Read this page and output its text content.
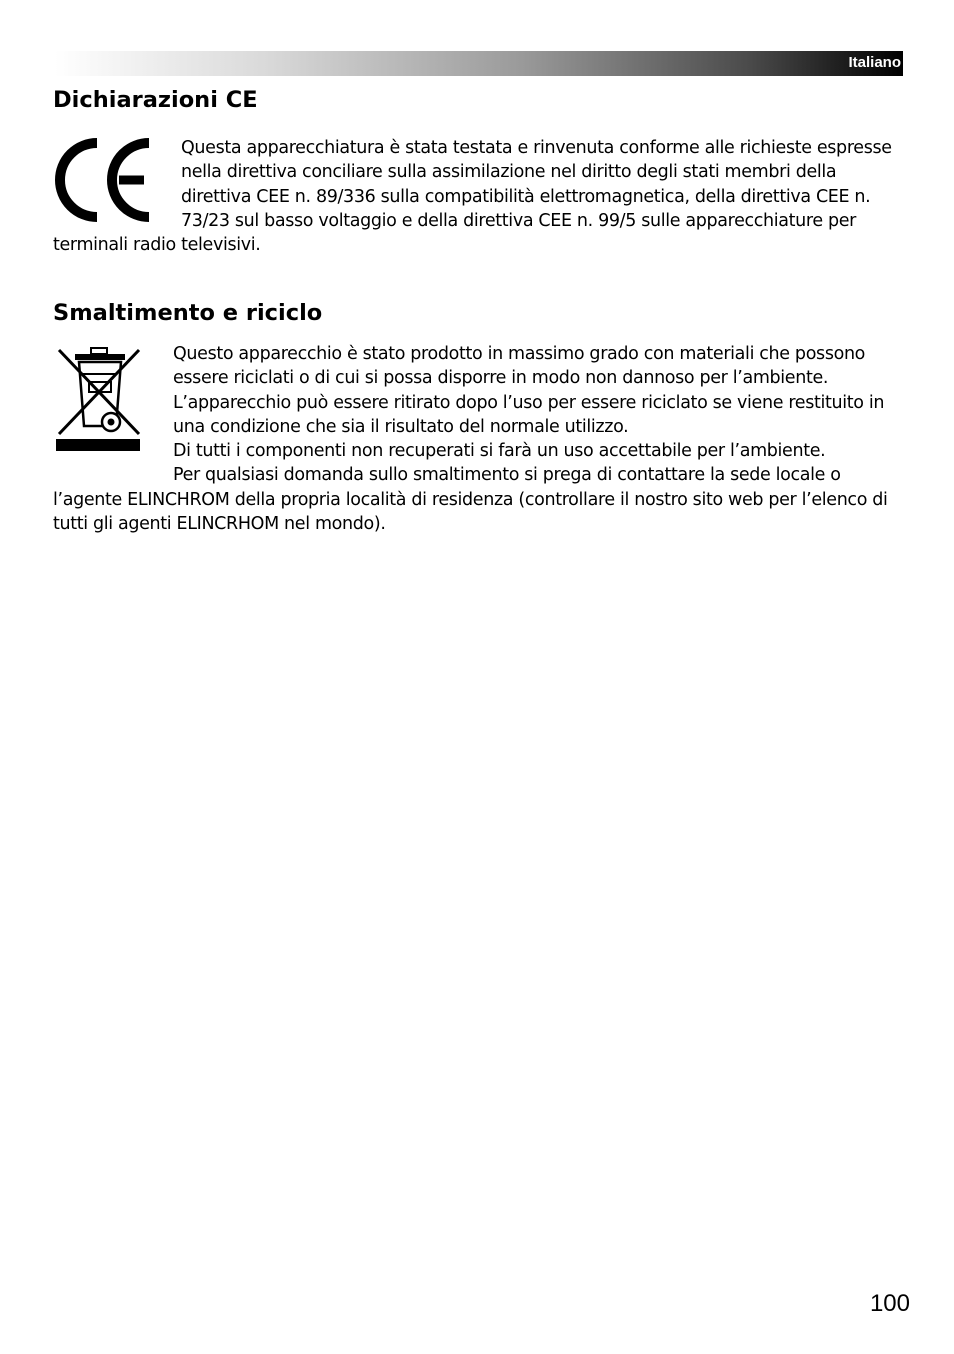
Italiano
Dichiarazioni CE

Questa apparecchiatura è stata testata e rinvenuta conforme alle richieste espresse nella direttiva conciliare sulla assimilazione nel diritto degli stati membri della direttiva CEE n. 89/336 sulla compatibilità elettromagnetica, della direttiva CEE n. 73/23 sul basso voltaggio e della direttiva CEE n. 99/5 sulle apparecchiature per terminali radio televisivi.

Smaltimento e riciclo

Questo apparecchio è stato prodotto in massimo grado con materiali che possono essere riciclati o di cui si possa disporre in modo non dannoso per l’ambiente. L’apparecchio può essere ritirato dopo l’uso per essere riciclato se viene restituito in una condizione che sia il risultato del normale utilizzo.

Di tutti i componenti non recuperati si farà un uso accettabile per l’ambiente.

Per qualsiasi domanda sullo smaltimento si prega di contattare la sede locale o l’agente ELINCHROM della propria località di residenza (controllare il nostro sito web per l’elenco di tutti gli agenti ELINCRHOM nel mondo).

100
